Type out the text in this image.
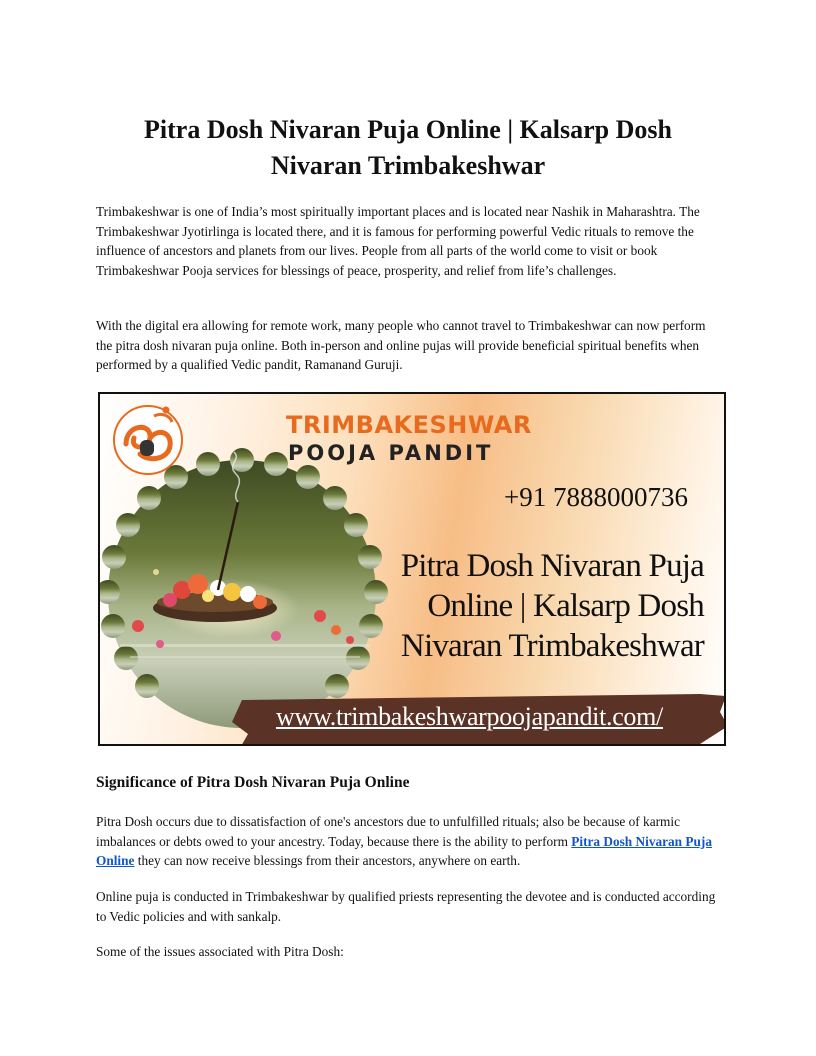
Pitra Dosh Nivaran Puja Online | Kalsarp Dosh Nivaran Trimbakeshwar

Trimbakeshwar is one of India’s most spiritually important places and is located near Nashik in Maharashtra. The Trimbakeshwar Jyotirlinga is located there, and it is famous for performing powerful Vedic rituals to remove the influence of ancestors and planets from our lives. People from all parts of the world come to visit or book Trimbakeshwar Pooja services for blessings of peace, prosperity, and relief from life’s challenges.

With the digital era allowing for remote work, many people who cannot travel to Trimbakeshwar can now perform the pitra dosh nivaran puja online. Both in-person and online pujas will provide beneficial spiritual benefits when performed by a qualified Vedic pandit, Ramanand Guruji.

TRIMBAKESHWAR
POOJA PANDIT
+91 7888000736
Pitra Dosh Nivaran Puja Online | Kalsarp Dosh Nivaran Trimbakeshwar
www.trimbakeshwarpoojapandit.com/
Significance of Pitra Dosh Nivaran Puja Online

Pitra Dosh occurs due to dissatisfaction of one's ancestors due to unfulfilled rituals; also be because of karmic imbalances or debts owed to your ancestry. Today, because there is the ability to perform Pitra Dosh Nivaran Puja Online they can now receive blessings from their ancestors, anywhere on earth.

Online puja is conducted in Trimbakeshwar by qualified priests representing the devotee and is conducted according to Vedic policies and with sankalp.

Some of the issues associated with Pitra Dosh:
